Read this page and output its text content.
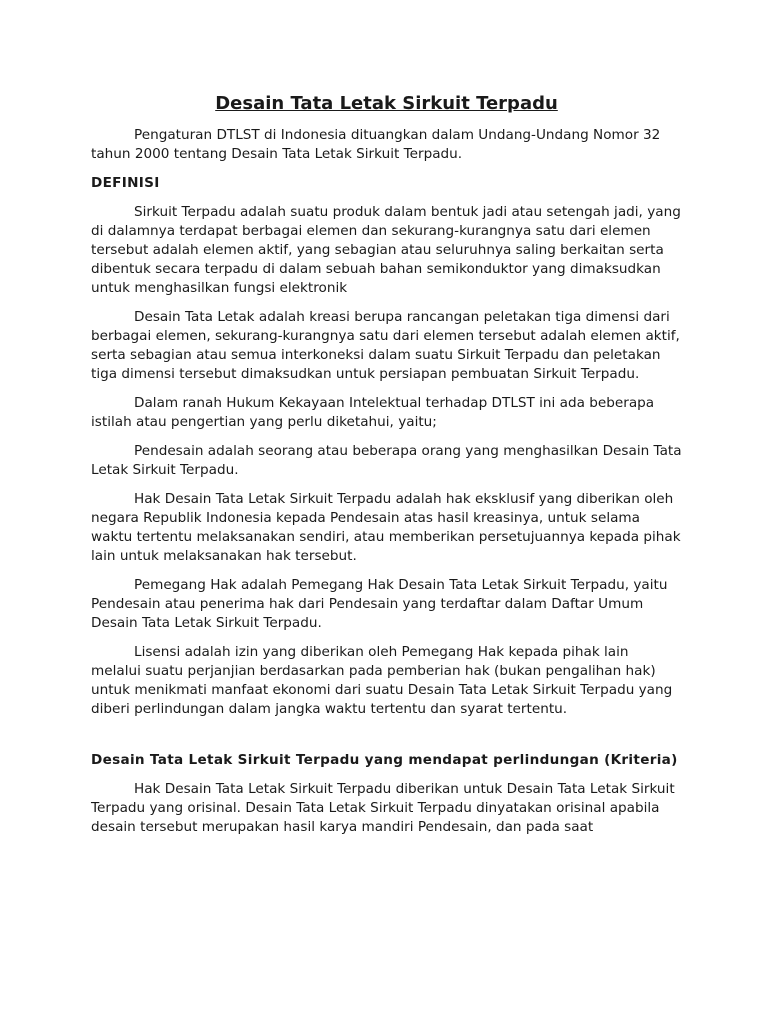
Desain Tata Letak Sirkuit Terpadu

Pengaturan DTLST di Indonesia dituangkan dalam Undang-Undang Nomor 32 tahun 2000 tentang Desain Tata Letak Sirkuit Terpadu.

DEFINISI

Sirkuit Terpadu adalah suatu produk dalam bentuk jadi atau setengah jadi, yang di dalamnya terdapat berbagai elemen dan sekurang-kurangnya satu dari elemen tersebut adalah elemen aktif, yang sebagian atau seluruhnya saling berkaitan serta dibentuk secara terpadu di dalam sebuah bahan semikonduktor yang dimaksudkan untuk menghasilkan fungsi elektronik

Desain Tata Letak adalah kreasi berupa rancangan peletakan tiga dimensi dari berbagai elemen, sekurang-kurangnya satu dari elemen tersebut adalah elemen aktif, serta sebagian atau semua interkoneksi dalam suatu Sirkuit Terpadu dan peletakan tiga dimensi tersebut dimaksudkan untuk persiapan pembuatan Sirkuit Terpadu.

Dalam ranah Hukum Kekayaan Intelektual terhadap DTLST ini ada beberapa istilah atau pengertian yang perlu diketahui, yaitu;

Pendesain adalah seorang atau beberapa orang yang menghasilkan Desain Tata Letak Sirkuit Terpadu.

Hak Desain Tata Letak Sirkuit Terpadu adalah hak eksklusif yang diberikan oleh negara Republik Indonesia kepada Pendesain atas hasil kreasinya, untuk selama waktu tertentu melaksanakan sendiri, atau memberikan persetujuannya kepada pihak lain untuk melaksanakan hak tersebut.

Pemegang Hak adalah Pemegang Hak Desain Tata Letak Sirkuit Terpadu, yaitu Pendesain atau penerima hak dari Pendesain yang terdaftar dalam Daftar Umum Desain Tata Letak Sirkuit Terpadu.

Lisensi adalah izin yang diberikan oleh Pemegang Hak kepada pihak lain melalui suatu perjanjian berdasarkan pada pemberian hak (bukan pengalihan hak) untuk menikmati manfaat ekonomi dari suatu Desain Tata Letak Sirkuit Terpadu yang diberi perlindungan dalam jangka waktu tertentu dan syarat tertentu.

Desain Tata Letak Sirkuit Terpadu yang mendapat perlindungan (Kriteria)

Hak Desain Tata Letak Sirkuit Terpadu diberikan untuk Desain Tata Letak Sirkuit Terpadu yang orisinal. Desain Tata Letak Sirkuit Terpadu dinyatakan orisinal apabila desain tersebut merupakan hasil karya mandiri Pendesain, dan pada saat
